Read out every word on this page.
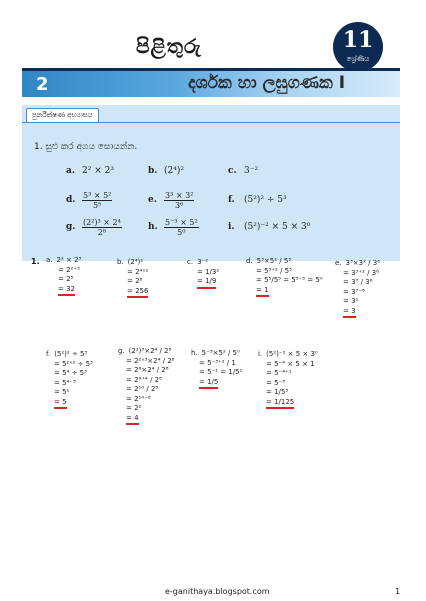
පිළිතුරු	11
ශ්‍රේණිය
2	දර්ශක හා ලඝුගණක I
පුනරීක්ෂණ අභ්‍යාසය
1. සුළු කර අගය සොයන්න.
a. 2² × 2³	b. (2⁴)²	c. 3⁻²
d. $\frac{\text{5³ × 5²}}{\text{5⁵}}$	e. $\frac{\text{3³ × 3²}}{\text{3⁶}}$	f. (5²)² ÷ 5³
g. $\frac{\text{(2²)³ × 2⁴}}{\text{2⁸}}$	h. $\frac{\text{5⁻³ × 5²}}{\text{5⁰}}$	i. (5²)⁻² × 5 × 3⁰
1. a. 2² × 2³
= 2²⁺³
= 2⁵
= 32
b. (2⁴)²
= 2⁴ˣ²
= 2⁸
= 256
c. 3⁻²
= 1/3²
= 1/9
d. 5³×5² / 5⁵
= 5³⁺² / 5⁵
= 5⁵/5⁵ = 5⁵⁻⁵ = 5⁰
= 1
e. 3³×3² / 3⁶
= 3³⁺² / 3⁶
= 3⁷ / 3⁶
= 3⁷⁻⁶
= 3¹
= 3
f. (5²)² ÷ 5³
= 5²ˣ² ÷ 5³
= 5⁴ ÷ 5³
= 5⁴⁻³
= 5¹
= 5
g. (2²)³×2⁴ / 2⁸
= 2²ˣ³×2⁴ / 2⁸
= 2⁶×2⁴ / 2⁸
= 2⁶⁺⁴ / 2⁸
= 2¹⁰ / 2⁸
= 2¹⁰⁻⁸
= 2²
= 4
h. 5⁻³×5² / 5⁰
= 5⁻³⁺² / 1
= 5⁻¹ = 1/5¹
= 1/5
i. (5²)⁻² × 5 × 3⁰
= 5⁻⁴ × 5 × 1
= 5⁻⁴⁺¹
= 5⁻³
= 1/5³
= 1/125
e-ganithaya.blogspot.com	1
